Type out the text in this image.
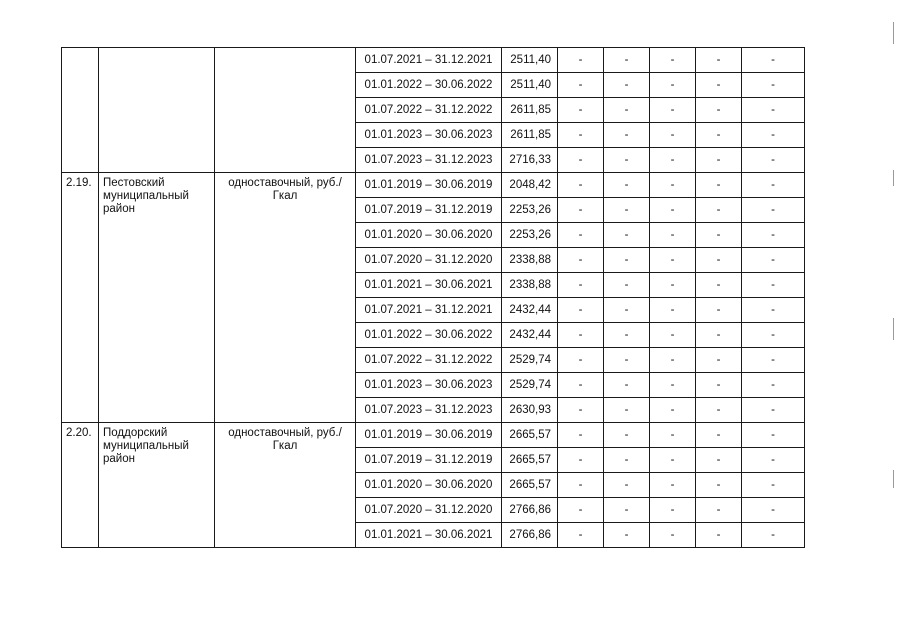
			01.07.2021 – 31.12.2021	2511,40	-	-	-	-	-
			01.01.2022 – 30.06.2022	2511,40	-	-	-	-	-
			01.07.2022 – 31.12.2022	2611,85	-	-	-	-	-
			01.01.2023 – 30.06.2023	2611,85	-	-	-	-	-
			01.07.2023 – 31.12.2023	2716,33	-	-	-	-	-
2.19.	Пестовский муниципальный район	одноставочный, руб./Гкал	01.01.2019 – 30.06.2019	2048,42	-	-	-	-	-
			01.07.2019 – 31.12.2019	2253,26	-	-	-	-	-
			01.01.2020 – 30.06.2020	2253,26	-	-	-	-	-
			01.07.2020 – 31.12.2020	2338,88	-	-	-	-	-
			01.01.2021 – 30.06.2021	2338,88	-	-	-	-	-
			01.07.2021 – 31.12.2021	2432,44	-	-	-	-	-
			01.01.2022 – 30.06.2022	2432,44	-	-	-	-	-
			01.07.2022 – 31.12.2022	2529,74	-	-	-	-	-
			01.01.2023 – 30.06.2023	2529,74	-	-	-	-	-
			01.07.2023 – 31.12.2023	2630,93	-	-	-	-	-
2.20.	Поддорский муниципальный район	одноставочный, руб./Гкал	01.01.2019 – 30.06.2019	2665,57	-	-	-	-	-
			01.07.2019 – 31.12.2019	2665,57	-	-	-	-	-
			01.01.2020 – 30.06.2020	2665,57	-	-	-	-	-
			01.07.2020 – 31.12.2020	2766,86	-	-	-	-	-
			01.01.2021 – 30.06.2021	2766,86	-	-	-	-	-
